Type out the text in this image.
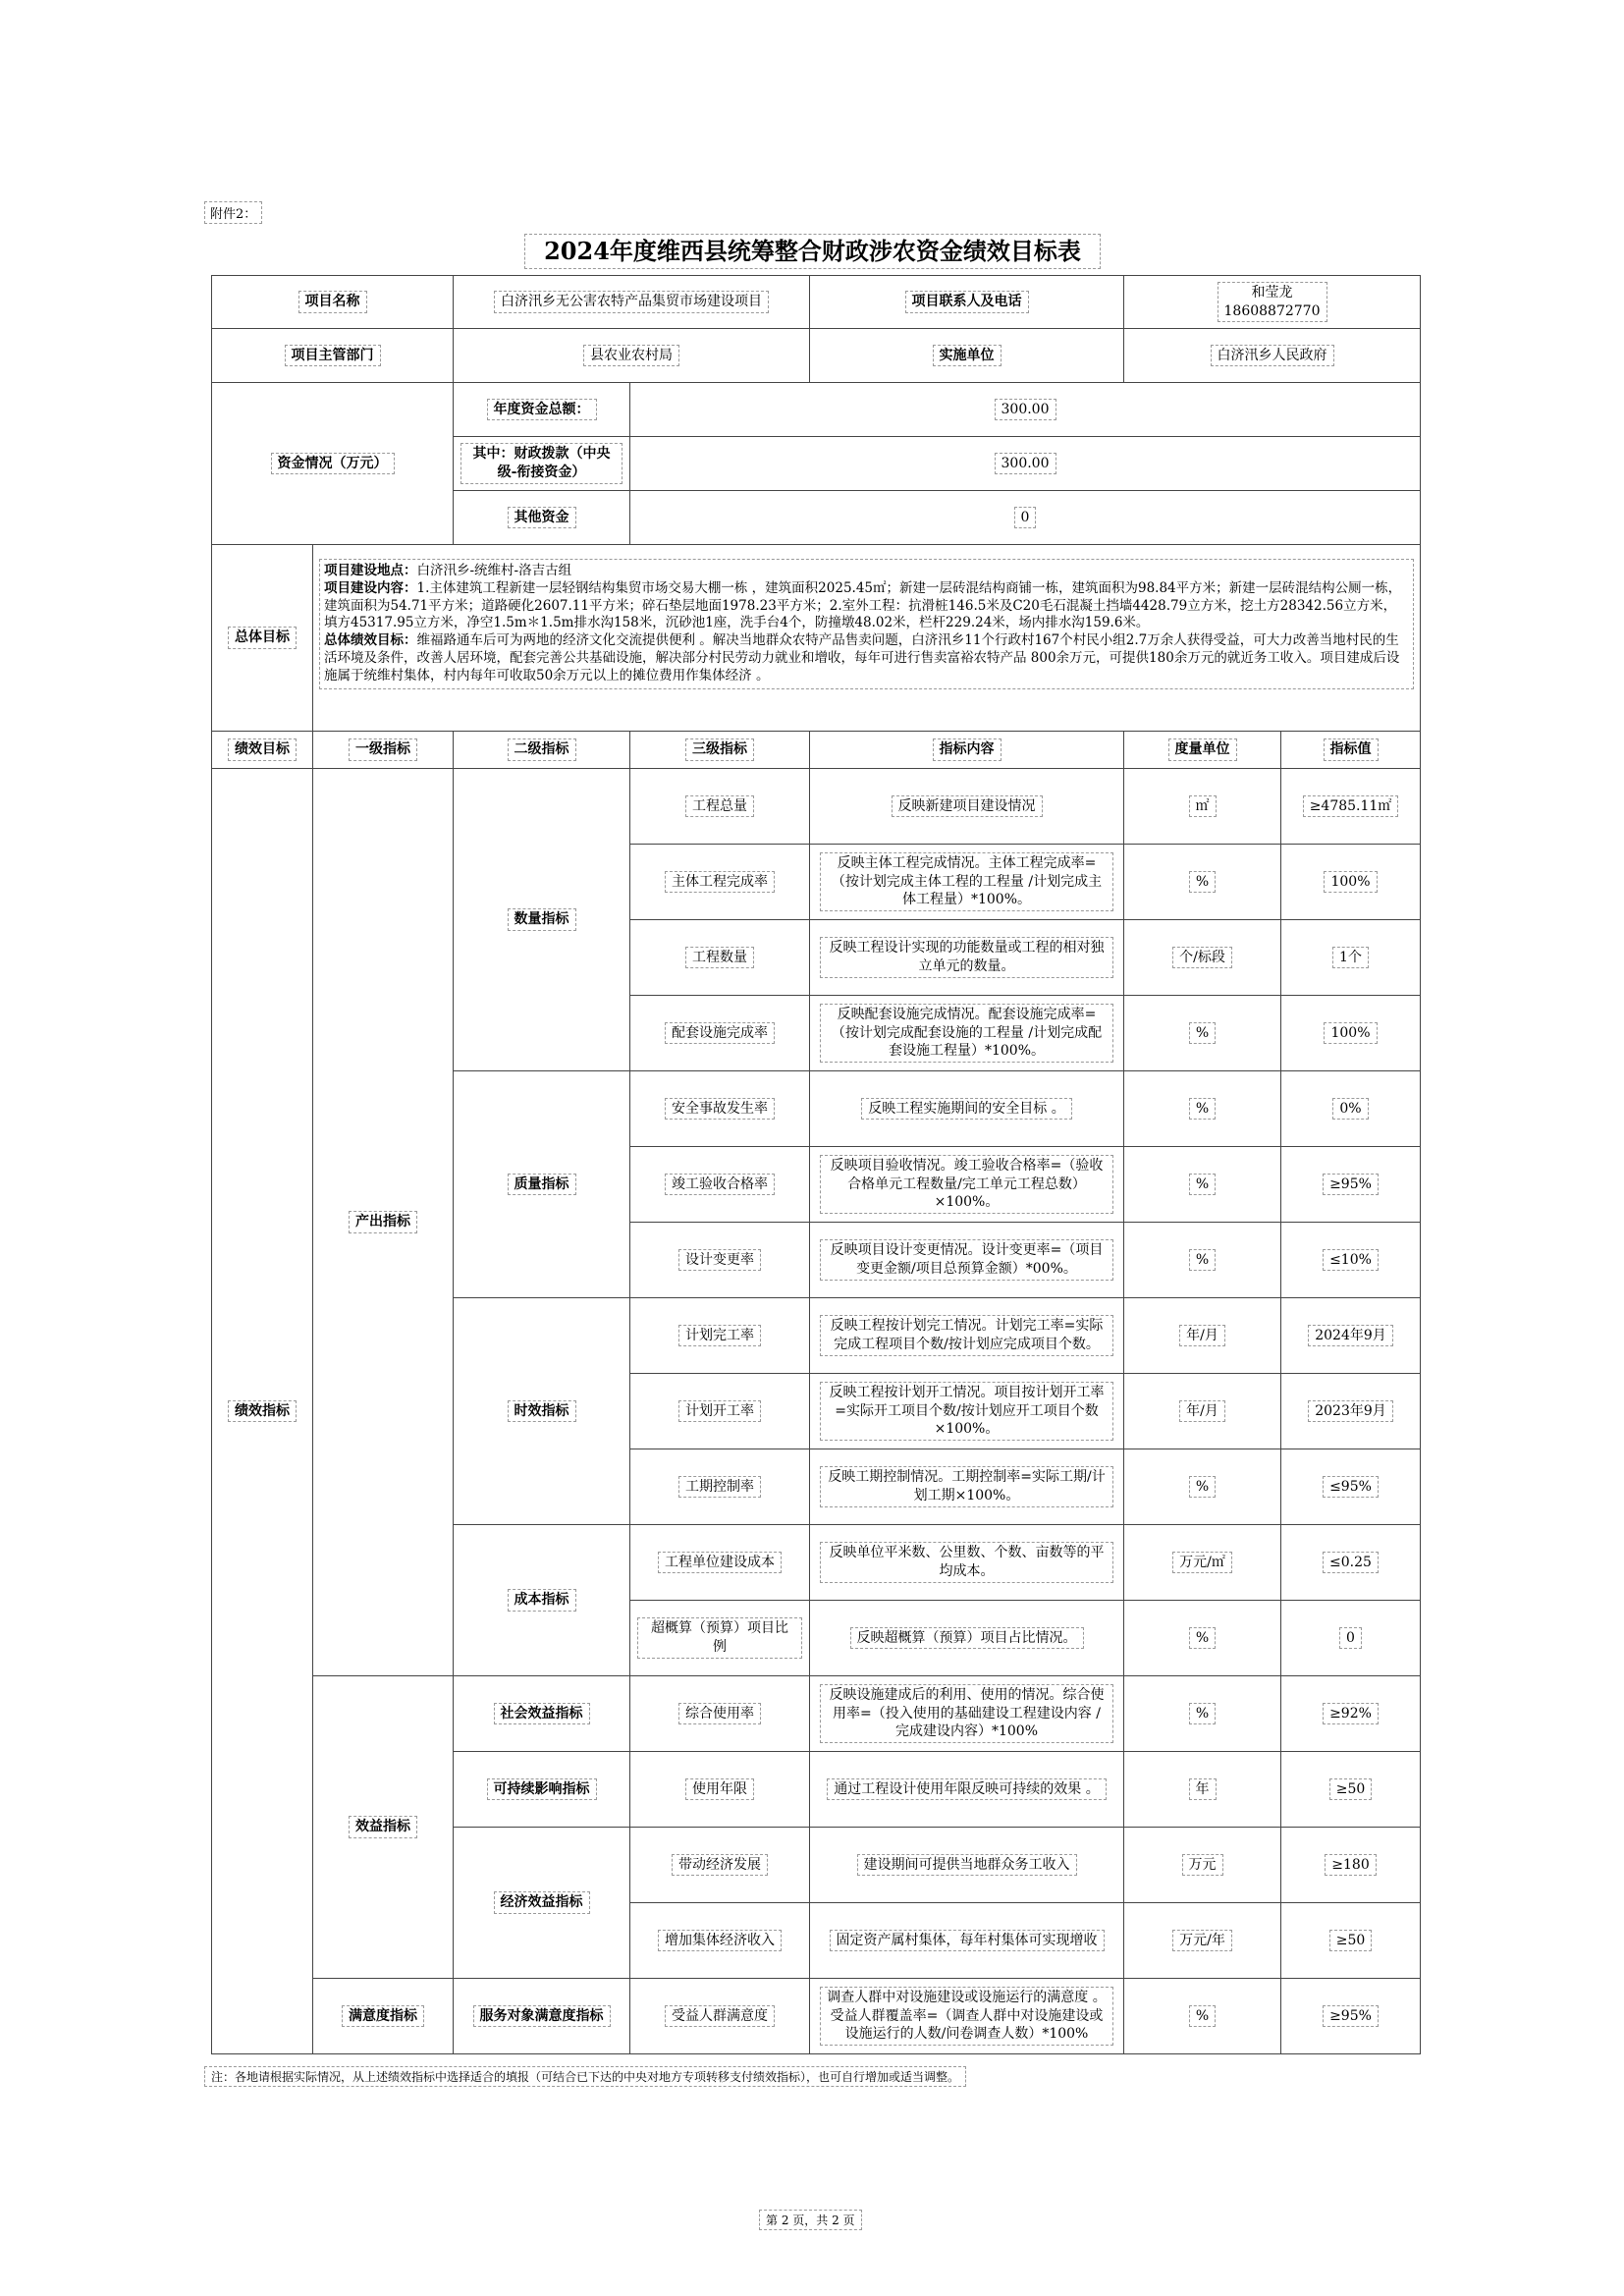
附件2：
2024年度维西县统筹整合财政涉农资金绩效目标表
项目名称		白济汛乡无公害农特产品集贸市场建设项目		项目联系人及电话	和莹龙
18608872770	
项目主管部门		县农业农村局		实施单位	白济汛乡人民政府	
资金情况（万元）		年度资金总额：	300.00			
		其中：财政拨款（中央级-衔接资金）	300.00			
		其他资金	0			
总体目标	项目建设地点：白济汛乡-统维村-洛吉古组
项目建设内容：1.主体建筑工程新建一层轻钢结构集贸市场交易大棚一栋 ，建筑面积2025.45㎡；新建一层砖混结构商铺一栋，建筑面积为98.84平方米；新建一层砖混结构公厕一栋，建筑面积为54.71平方米；道路硬化2607.11平方米；碎石垫层地面1978.23平方米；2.室外工程：抗滑桩146.5米及C20毛石混凝土挡墙4428.79立方米，挖土方28342.56立方米，填方45317.95立方米，净空1.5m＊1.5m排水沟158米，沉砂池1座，洗手台4个，防撞墩48.02米，栏杆229.24米，场内排水沟159.6米。
总体绩效目标：维福路通车后可为两地的经济文化交流提供便利 。解决当地群众农特产品售卖问题，白济汛乡11个行政村167个村民小组2.7万余人获得受益，可大力改善当地村民的生活环境及条件，改善人居环境，配套完善公共基础设施，解决部分村民劳动力就业和增收，每年可进行售卖富裕农特产品 800余万元，可提供180余万元的就近务工收入。项目建成后设施属于统维村集体，村内每年可收取50余万元以上的摊位费用作集体经济 。					

绩效目标	一级指标	二级指标	三级指标	指标内容	度量单位	指标值
绩效指标	产出指标	数量指标	工程总量	反映新建项目建设情况	㎡	≥4785.11㎡
			主体工程完成率	反映主体工程完成情况。主体工程完成率=（按计划完成主体工程的工程量 /计划完成主体工程量）*100%。	%	100%
			工程数量	反映工程设计实现的功能数量或工程的相对独立单元的数量。	个/标段	1个
			配套设施完成率	反映配套设施完成情况。配套设施完成率=（按计划完成配套设施的工程量 /计划完成配套设施工程量）*100%。	%	100%
		质量指标	安全事故发生率	反映工程实施期间的安全目标 。	%	0%
			竣工验收合格率	反映项目验收情况。竣工验收合格率=（验收合格单元工程数量/完工单元工程总数）×100%。	%	≥95%
			设计变更率	反映项目设计变更情况。设计变更率=（项目变更金额/项目总预算金额）*00%。	%	≤10%
		时效指标	计划完工率	反映工程按计划完工情况。计划完工率=实际完成工程项目个数/按计划应完成项目个数。	年/月	2024年9月
			计划开工率	反映工程按计划开工情况。项目按计划开工率=实际开工项目个数/按计划应开工项目个数×100%。	年/月	2023年9月
			工期控制率	反映工期控制情况。工期控制率=实际工期/计划工期×100%。	%	≤95%
		成本指标	工程单位建设成本	反映单位平米数、公里数、个数、亩数等的平均成本。	万元/㎡	≤0.25
			超概算（预算）项目比例	反映超概算（预算）项目占比情况。	%	0
	效益指标	社会效益指标	综合使用率	反映设施建成后的利用、使用的情况。综合使用率=（投入使用的基础建设工程建设内容 /完成建设内容）*100%	%	≥92%
		可持续影响指标	使用年限	通过工程设计使用年限反映可持续的效果 。	年	≥50
		经济效益指标	带动经济发展	建设期间可提供当地群众务工收入	万元	≥180
			增加集体经济收入	固定资产属村集体，每年村集体可实现增收	万元/年	≥50
	满意度指标	服务对象满意度指标	受益人群满意度	调查人群中对设施建设或设施运行的满意度 。受益人群覆盖率=（调查人群中对设施建设或设施运行的人数/问卷调查人数）*100%	%	≥95%
注：各地请根据实际情况，从上述绩效指标中选择适合的填报（可结合已下达的中央对地方专项转移支付绩效指标），也可自行增加或适当调整。
第 2 页，共 2 页
